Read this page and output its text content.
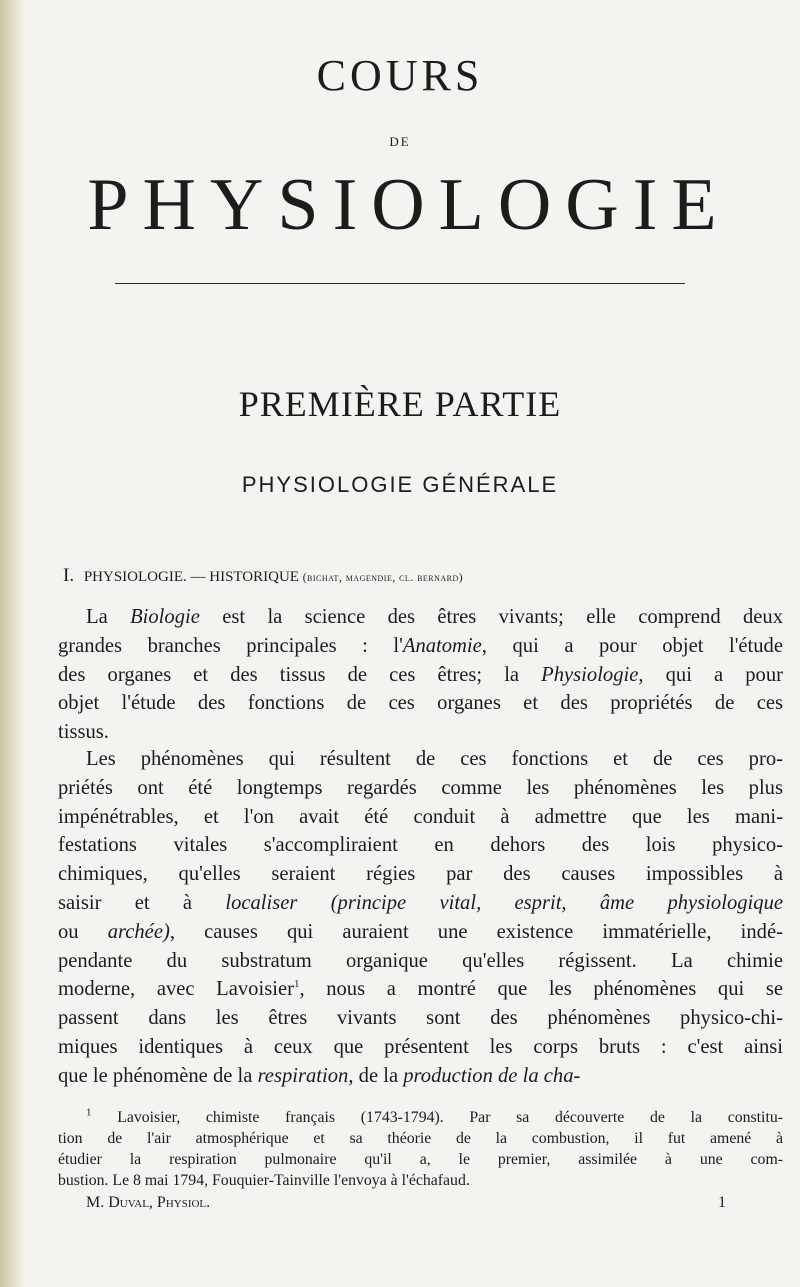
COURS
DE
PHYSIOLOGIE
PREMIÈRE PARTIE
PHYSIOLOGIE GÉNÉRALE
I. PHYSIOLOGIE. — HISTORIQUE (bichat, magendie, cl. bernard)
La Biologie est la science des êtres vivants; elle comprend deux
grandes branches principales : l'Anatomie, qui a pour objet l'étude
des organes et des tissus de ces êtres; la Physiologie, qui a pour
objet l'étude des fonctions de ces organes et des propriétés de ces
tissus.
Les phénomènes qui résultent de ces fonctions et de ces pro-
priétés ont été longtemps regardés comme les phénomènes les plus
impénétrables, et l'on avait été conduit à admettre que les mani-
festations vitales s'accompliraient en dehors des lois physico-
chimiques, qu'elles seraient régies par des causes impossibles à
saisir et à localiser (principe vital, esprit, âme physiologique
ou archée), causes qui auraient une existence immatérielle, indé-
pendante du substratum organique qu'elles régissent. La chimie
moderne, avec Lavoisier$^1$, nous a montré que les phénomènes qui se
passent dans les êtres vivants sont des phénomènes physico-chi-
miques identiques à ceux que présentent les corps bruts : c'est ainsi
que le phénomène de la respiration, de la production de la cha-
$^1$ Lavoisier, chimiste français (1743-1794). Par sa découverte de la constitu-
tion de l'air atmosphérique et sa théorie de la combustion, il fut amené à
étudier la respiration pulmonaire qu'il a, le premier, assimilée à une com-
bustion. Le 8 mai 1794, Fouquier-Tainville l'envoya à l'échafaud.
M. Duval, Physiol.	1
